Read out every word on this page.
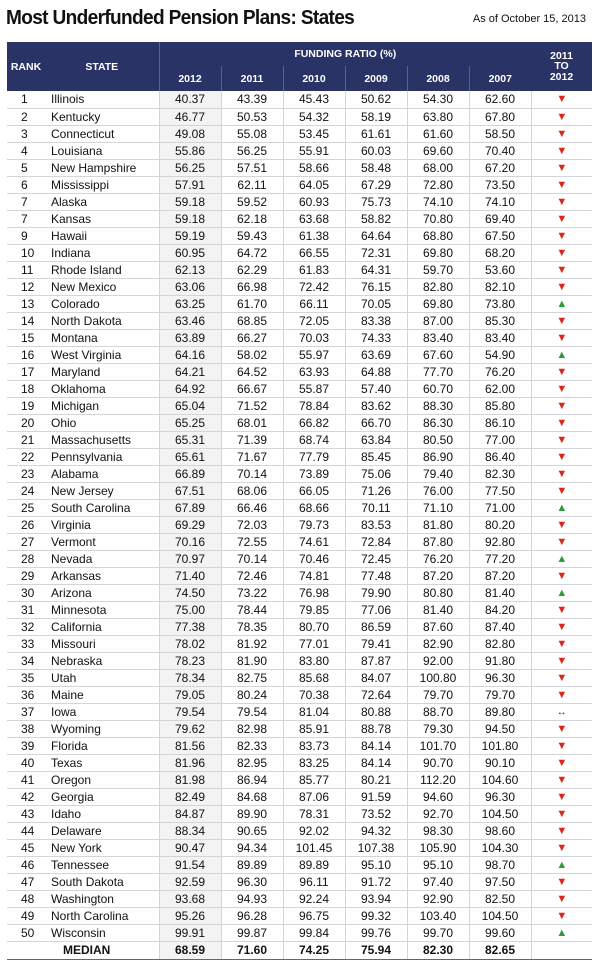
Most Underfunded Pension Plans: States	As of October 15, 2013
RANK	STATE	FUNDING RATIO (%)						2011 TO 2012
		2012	2011	2010	2009	2008	2007	
1	Illinois	40.37	43.39	45.43	50.62	54.30	62.60	▼
2	Kentucky	46.77	50.53	54.32	58.19	63.80	67.80	▼
3	Connecticut	49.08	55.08	53.45	61.61	61.60	58.50	▼
4	Louisiana	55.86	56.25	55.91	60.03	69.60	70.40	▼
5	New Hampshire	56.25	57.51	58.66	58.48	68.00	67.20	▼
6	Mississippi	57.91	62.11	64.05	67.29	72.80	73.50	▼
7	Alaska	59.18	59.52	60.93	75.73	74.10	74.10	▼
7	Kansas	59.18	62.18	63.68	58.82	70.80	69.40	▼
9	Hawaii	59.19	59.43	61.38	64.64	68.80	67.50	▼
10	Indiana	60.95	64.72	66.55	72.31	69.80	68.20	▼
11	Rhode Island	62.13	62.29	61.83	64.31	59.70	53.60	▼
12	New Mexico	63.06	66.98	72.42	76.15	82.80	82.10	▼
13	Colorado	63.25	61.70	66.11	70.05	69.80	73.80	▲
14	North Dakota	63.46	68.85	72.05	83.38	87.00	85.30	▼
15	Montana	63.89	66.27	70.03	74.33	83.40	83.40	▼
16	West Virginia	64.16	58.02	55.97	63.69	67.60	54.90	▲
17	Maryland	64.21	64.52	63.93	64.88	77.70	76.20	▼
18	Oklahoma	64.92	66.67	55.87	57.40	60.70	62.00	▼
19	Michigan	65.04	71.52	78.84	83.62	88.30	85.80	▼
20	Ohio	65.25	68.01	66.82	66.70	86.30	86.10	▼
21	Massachusetts	65.31	71.39	68.74	63.84	80.50	77.00	▼
22	Pennsylvania	65.61	71.67	77.79	85.45	86.90	86.40	▼
23	Alabama	66.89	70.14	73.89	75.06	79.40	82.30	▼
24	New Jersey	67.51	68.06	66.05	71.26	76.00	77.50	▼
25	South Carolina	67.89	66.46	68.66	70.11	71.10	71.00	▲
26	Virginia	69.29	72.03	79.73	83.53	81.80	80.20	▼
27	Vermont	70.16	72.55	74.61	72.84	87.80	92.80	▼
28	Nevada	70.97	70.14	70.46	72.45	76.20	77.20	▲
29	Arkansas	71.40	72.46	74.81	77.48	87.20	87.20	▼
30	Arizona	74.50	73.22	76.98	79.90	80.80	81.40	▲
31	Minnesota	75.00	78.44	79.85	77.06	81.40	84.20	▼
32	California	77.38	78.35	80.70	86.59	87.60	87.40	▼
33	Missouri	78.02	81.92	77.01	79.41	82.90	82.80	▼
34	Nebraska	78.23	81.90	83.80	87.87	92.00	91.80	▼
35	Utah	78.34	82.75	85.68	84.07	100.80	96.30	▼
36	Maine	79.05	80.24	70.38	72.64	79.70	79.70	▼
37	Iowa	79.54	79.54	81.04	80.88	88.70	89.80	↔
38	Wyoming	79.62	82.98	85.91	88.78	79.30	94.50	▼
39	Florida	81.56	82.33	83.73	84.14	101.70	101.80	▼
40	Texas	81.96	82.95	83.25	84.14	90.70	90.10	▼
41	Oregon	81.98	86.94	85.77	80.21	112.20	104.60	▼
42	Georgia	82.49	84.68	87.06	91.59	94.60	96.30	▼
43	Idaho	84.87	89.90	78.31	73.52	92.70	104.50	▼
44	Delaware	88.34	90.65	92.02	94.32	98.30	98.60	▼
45	New York	90.47	94.34	101.45	107.38	105.90	104.30	▼
46	Tennessee	91.54	89.89	89.89	95.10	95.10	98.70	▲
47	South Dakota	92.59	96.30	96.11	91.72	97.40	97.50	▼
48	Washington	93.68	94.93	92.24	93.94	92.90	82.50	▼
49	North Carolina	95.26	96.28	96.75	99.32	103.40	104.50	▼
50	Wisconsin	99.91	99.87	99.84	99.76	99.70	99.60	▲
	MEDIAN	68.59	71.60	74.25	75.94	82.30	82.65	
